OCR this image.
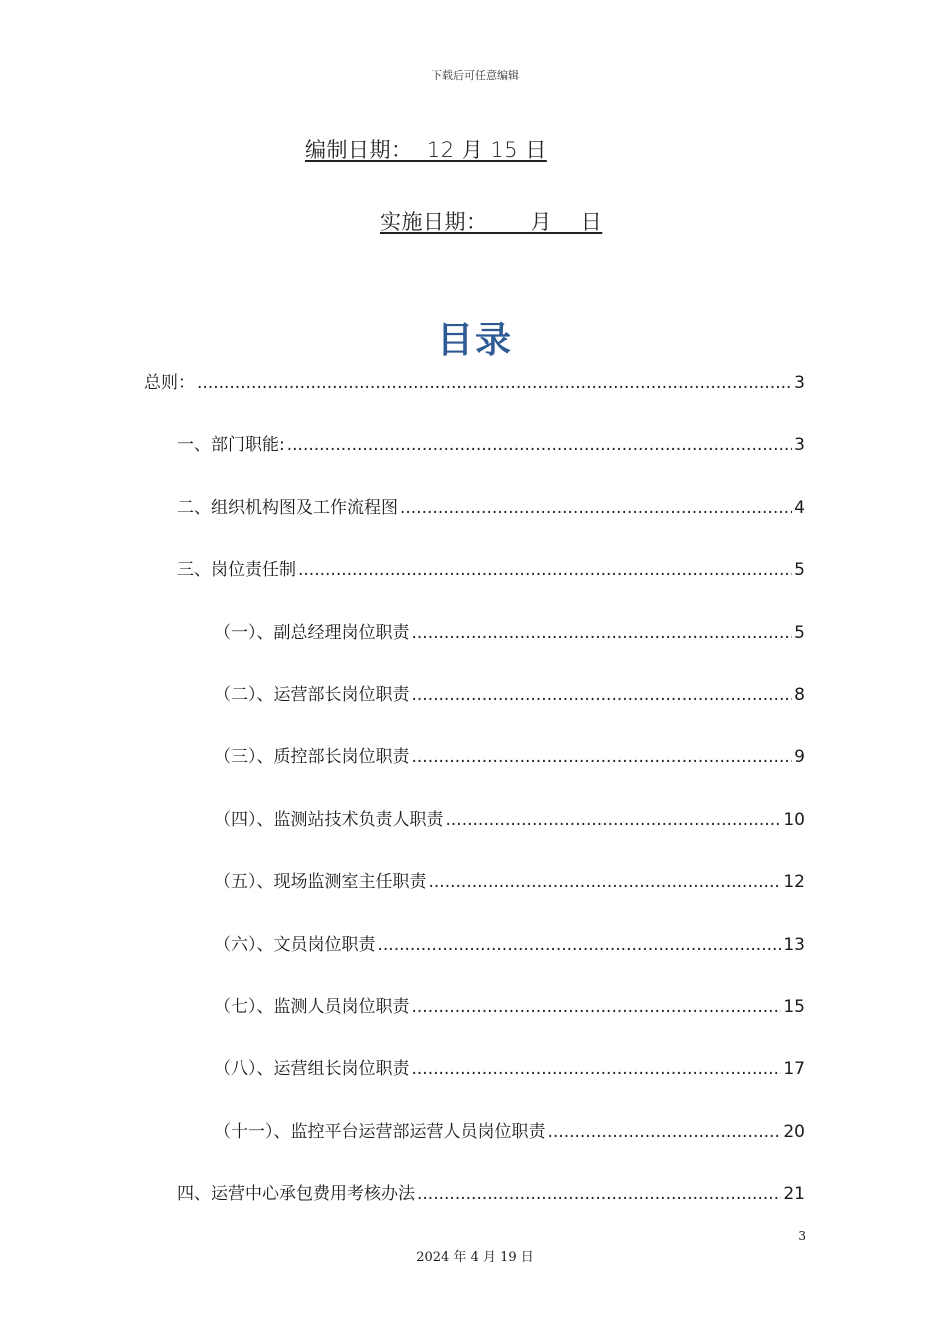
下载后可任意编辑
编制日期：  12 月 15 日
实施日期：      月    日
目录
总则： .....	3
一、部门职能: .....	3
二、组织机构图及工作流程图 .....	4
三、岗位责任制 .....	5
（一）、副总经理岗位职责 .....	5
（二）、运营部长岗位职责 .....	8
（三）、质控部长岗位职责 .....	9
（四）、监测站技术负责人职责 .....	10
（五）、现场监测室主任职责 .....	12
（六）、文员岗位职责 .....	13
（七）、监测人员岗位职责 .....	15
（八）、运营组长岗位职责 .....	17
（十一）、监控平台运营部运营人员岗位职责 .....	20
四、运营中心承包费用考核办法 .....	21
3
2024 年 4 月 19 日
